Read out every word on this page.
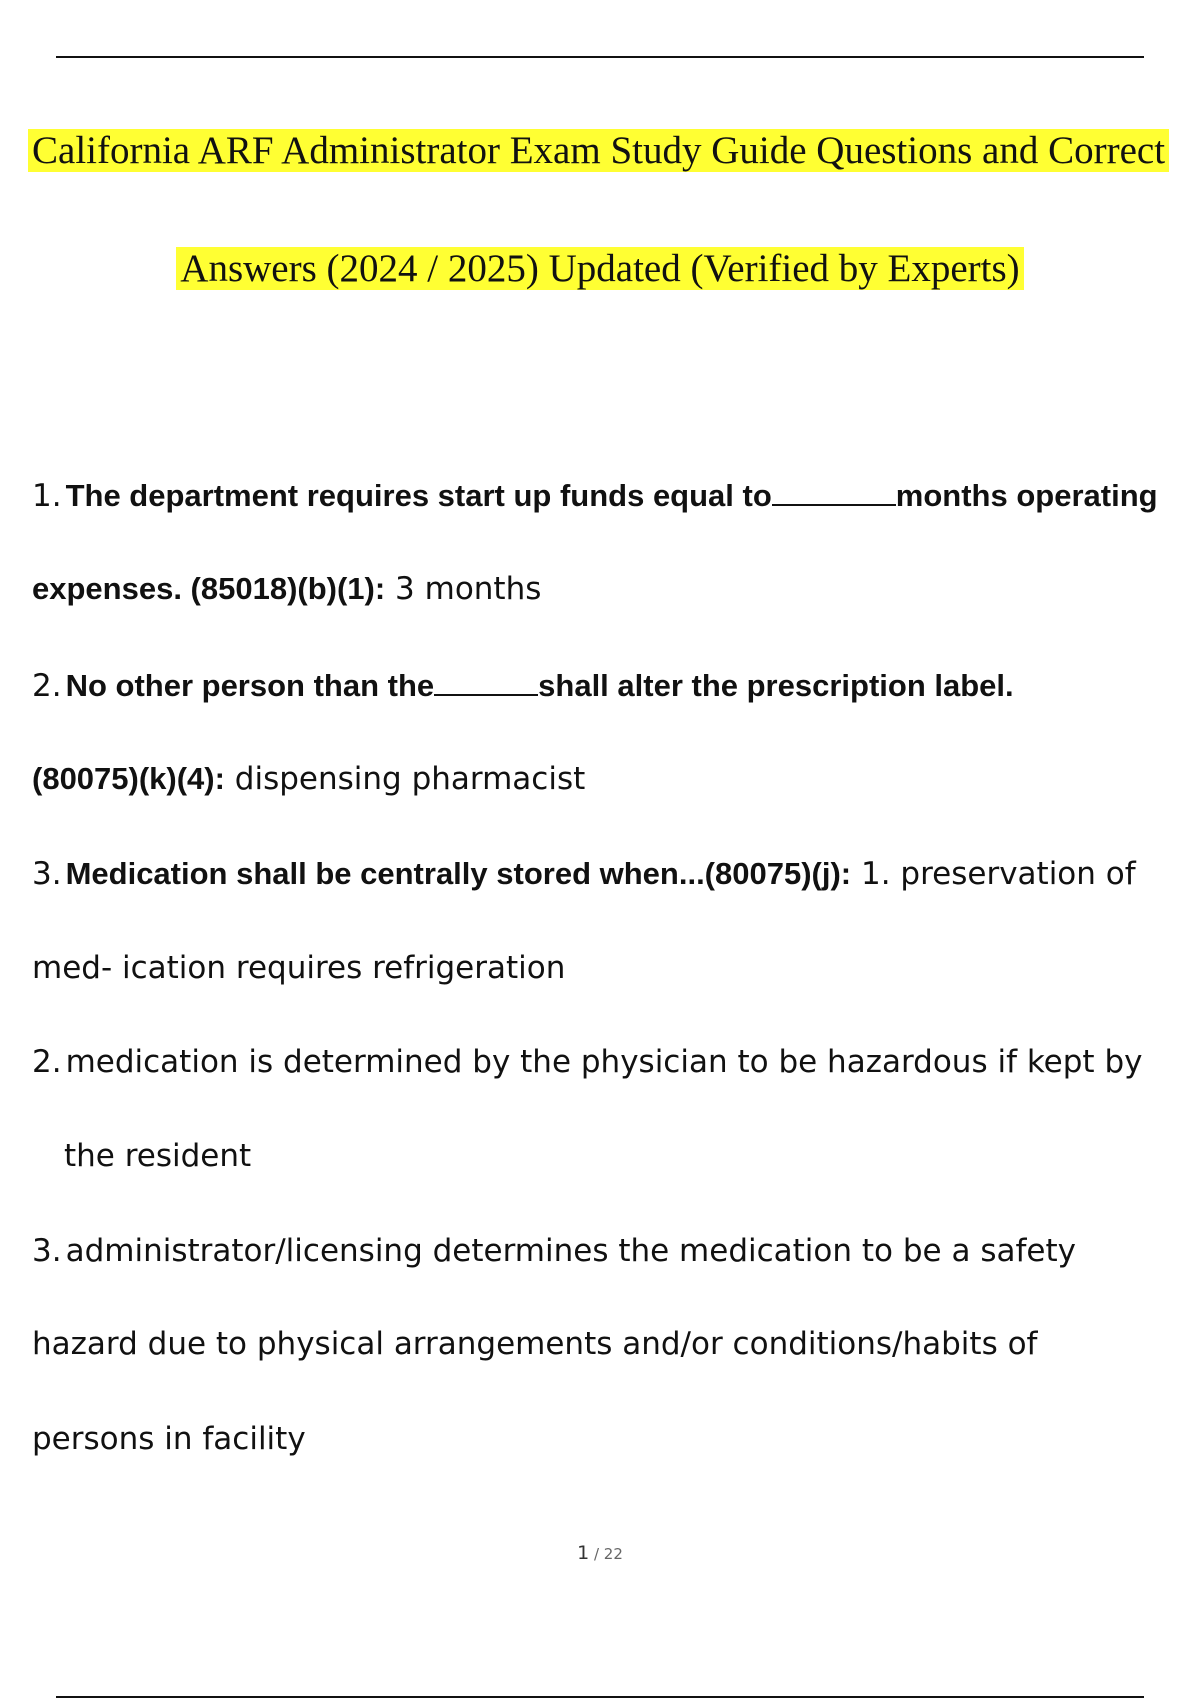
California ARF Administrator Exam Study Guide Questions and Correct
Answers (2024 / 2025) Updated (Verified by Experts)
1. The department requires start up funds equal to	months operating
expenses. (85018)(b)(1): 3 months
2. No other person than the	shall alter the prescription label.
(80075)(k)(4): dispensing pharmacist
3. Medication shall be centrally stored when...(80075)(j): 1. preservation of
med- ication requires refrigeration
2. medication is determined by the physician to be hazardous if kept by
the resident
3. administrator/licensing determines the medication to be a safety
hazard due to physical arrangements and/or conditions/habits of
persons in facility
1 / 22
